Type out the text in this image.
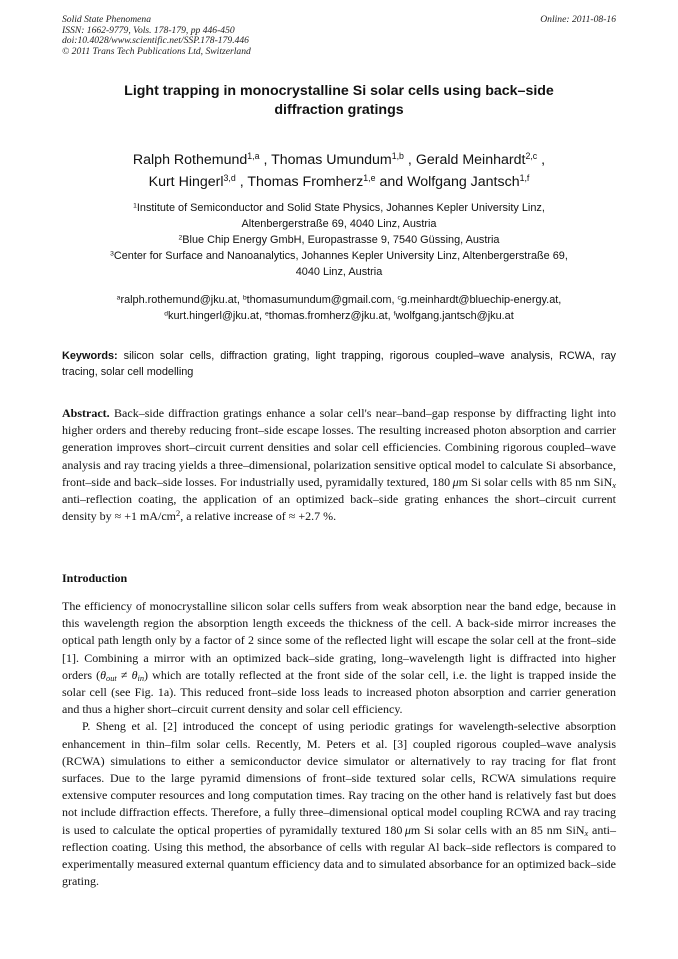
Solid State Phenomena
ISSN: 1662-9779, Vols. 178-179, pp 446-450
doi:10.4028/www.scientific.net/SSP.178-179.446
© 2011 Trans Tech Publications Ltd, Switzerland
Online: 2011-08-16
Light trapping in monocrystalline Si solar cells using back–side
diffraction gratings
Ralph Rothemund$^{1,a}$ , Thomas Umundum$^{1,b}$ , Gerald Meinhardt$^{2,c}$ ,
Kurt Hingerl$^{3,d}$ , Thomas Fromherz$^{1,e}$ and Wolfgang Jantsch$^{1,f}$
$^1$Institute of Semiconductor and Solid State Physics, Johannes Kepler University Linz,
Altenbergerstraße 69, 4040 Linz, Austria
$^2$Blue Chip Energy GmbH, Europastrasse 9, 7540 Güssing, Austria
$^3$Center for Surface and Nanoanalytics, Johannes Kepler University Linz, Altenbergerstraße 69,
4040 Linz, Austria
$^a$ralph.rothemund@jku.at, $^b$thomasumundum@gmail.com, $^c$g.meinhardt@bluechip-energy.at,
$^d$kurt.hingerl@jku.at, $^e$thomas.fromherz@jku.at, $^f$wolfgang.jantsch@jku.at
Keywords: silicon solar cells, diffraction grating, light trapping, rigorous coupled–wave analysis, RCWA, ray tracing, solar cell modelling
Abstract. Back–side diffraction gratings enhance a solar cell's near–band–gap response by diffracting light into higher orders and thereby reducing front–side escape losses. The resulting increased photon absorption and carrier generation improves short–circuit current densities and solar cell efficiencies. Combining rigorous coupled–wave analysis and ray tracing yields a three–dimensional, polarization sensitive optical model to calculate Si absorbance, front–side and back–side losses. For industrially used, pyramidally textured, 180  μm Si solar cells with 85 nm SiN$_x$ anti–reflection coating, the application of an optimized back–side grating enhances the short–circuit current density by ≈ +1 $mA/cm^2$, a relative increase of ≈ +2.7 %.
Introduction

The efficiency of monocrystalline silicon solar cells suffers from weak absorption near the band edge, because in this wavelength region the absorption length exceeds the thickness of the cell. A back-side mirror increases the optical path length only by a factor of 2 since some of the reflected light will escape the solar cell at the front–side [1]. Combining a mirror with an optimized back–side grating, long–wavelength light is diffracted into higher orders $(\theta_{out} \ne \theta_{in})$ which are totally reflected at the front side of the solar cell, i.e. the light is trapped inside the solar cell (see Fig. 1a). This reduced front–side loss leads to increased photon absorption and carrier generation and thus a higher short–circuit current density and solar cell efficiency.

P. Sheng et al. [2] introduced the concept of using periodic gratings for wavelength-selective absorption enhancement in thin–film solar cells. Recently, M. Peters et al. [3] coupled rigorous coupled–wave analysis (RCWA) simulations to either a semiconductor device simulator or alternatively to ray tracing for flat front surfaces. Due to the large pyramid dimensions of front–side textured solar cells, RCWA simulations require extensive computer resources and long computation times. Ray tracing on the other hand is relatively fast but does not include diffraction effects. Therefore, a fully three–dimensional optical model coupling RCWA and ray tracing is used to calculate the optical properties of pyramidally textured 180  μm Si solar cells with an 85 nm SiN$_x$ anti–reflection coating. Using this method, the absorbance of cells with regular Al back–side reflectors is compared to experimentally measured external quantum efficiency data and to simulated absorbance for an optimized back–side grating.
